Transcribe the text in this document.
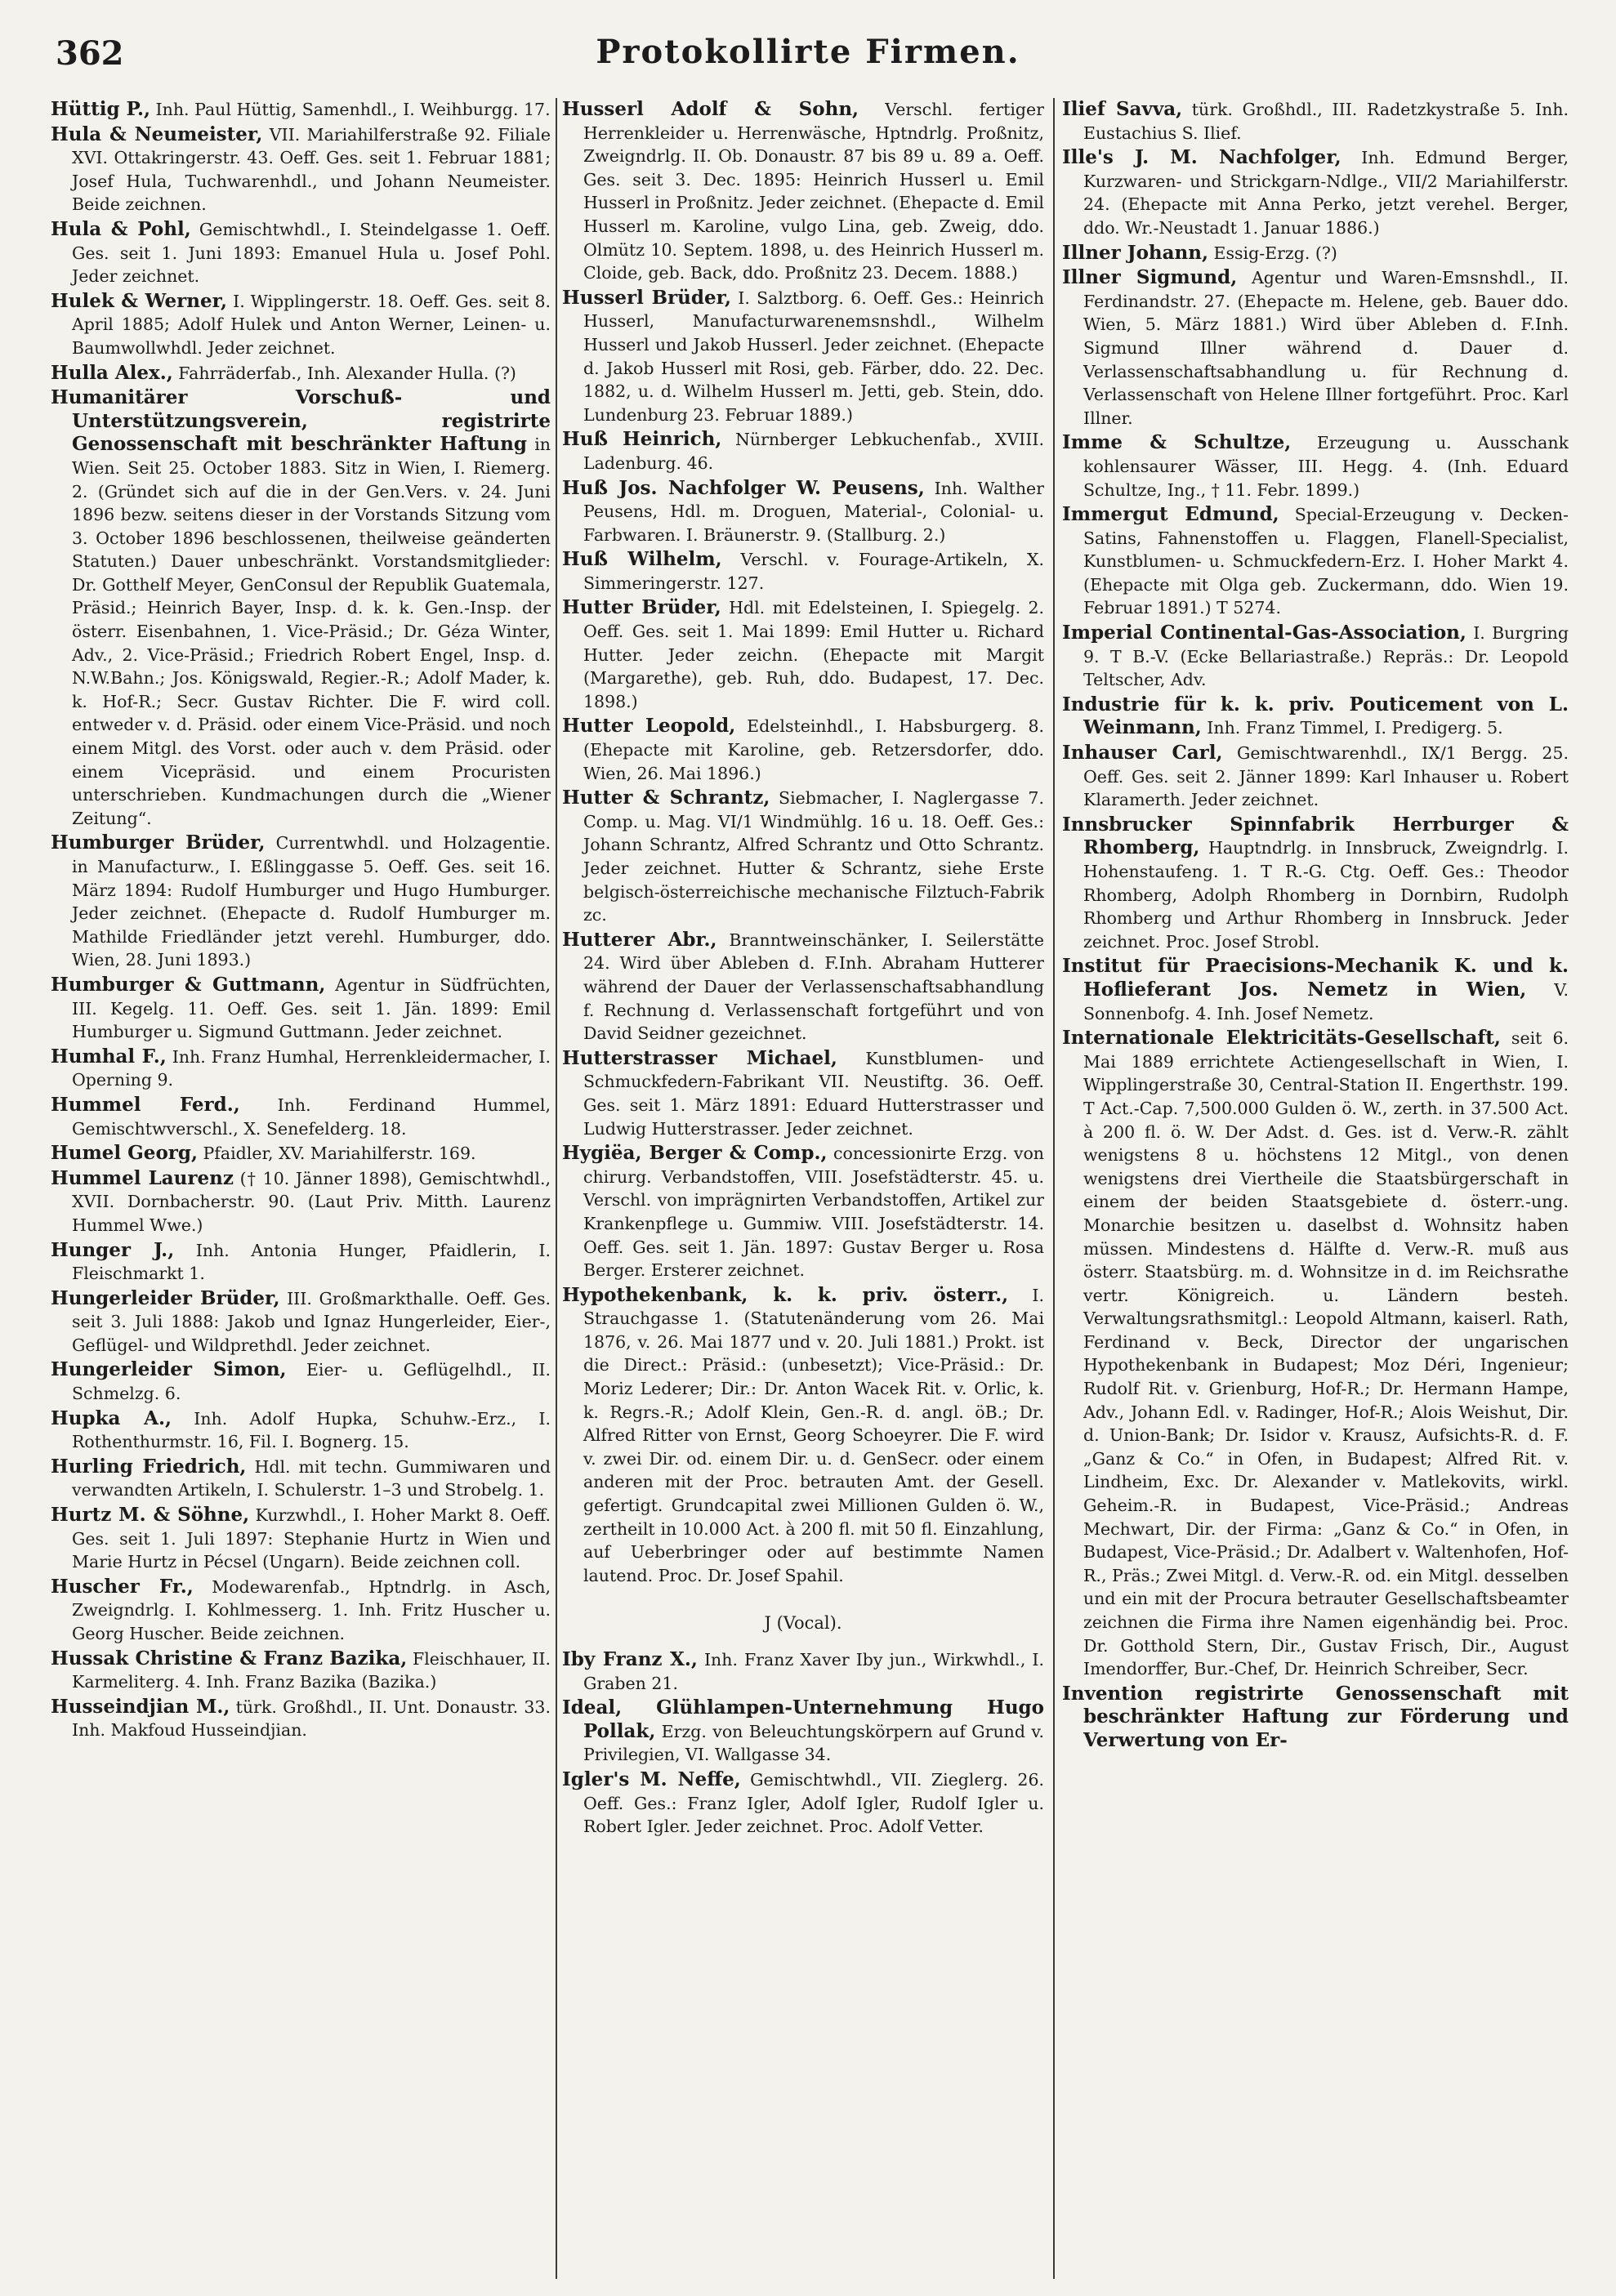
362	Protokollirte Firmen.
Hüttig P., Inh. Paul Hüttig, Samenhdl., I. Weihburgg. 17.
Hula & Neumeister, VII. Mariahilferstraße 92. Filiale XVI. Ottakringerstr. 43. Oeff. Ges. seit 1. Februar 1881; Josef Hula, Tuchwarenhdl., und Johann Neumeister. Beide zeichnen.
Hula & Pohl, Gemischtwhdl., I. Steindelgasse 1. Oeff. Ges. seit 1. Juni 1893: Emanuel Hula u. Josef Pohl. Jeder zeichnet.
Hulek & Werner, I. Wipplingerstr. 18. Oeff. Ges. seit 8. April 1885; Adolf Hulek und Anton Werner, Leinen- u. Baumwollwhdl. Jeder zeichnet.
Hulla Alex., Fahrräderfab., Inh. Alexander Hulla. (?)
Humanitärer Vorschuß- und Unterstützungsverein, registrirte Genossenschaft mit beschränkter Haftung in Wien. Seit 25. October 1883. Sitz in Wien, I. Riemerg. 2. (Gründet sich auf die in der Gen.Vers. v. 24. Juni 1896 bezw. seitens dieser in der Vorstands Sitzung vom 3. October 1896 beschlossenen, theilweise geänderten Statuten.) Dauer unbeschränkt. Vorstandsmitglieder: Dr. Gotthelf Meyer, GenConsul der Republik Guatemala, Präsid.; Heinrich Bayer, Insp. d. k. k. Gen.-Insp. der österr. Eisenbahnen, 1. Vice-Präsid.; Dr. Géza Winter, Adv., 2. Vice-Präsid.; Friedrich Robert Engel, Insp. d. N.W.Bahn.; Jos. Königswald, Regier.-R.; Adolf Mader, k. k. Hof-R.; Secr. Gustav Richter. Die F. wird coll. entweder v. d. Präsid. oder einem Vice-Präsid. und noch einem Mitgl. des Vorst. oder auch v. dem Präsid. oder einem Vicepräsid. und einem Procuristen unterschrieben. Kundmachungen durch die „Wiener Zeitung“.
Humburger Brüder, Currentwhdl. und Holzagentie. in Manufacturw., I. Eßlinggasse 5. Oeff. Ges. seit 16. März 1894: Rudolf Humburger und Hugo Humburger. Jeder zeichnet. (Ehepacte d. Rudolf Humburger m. Mathilde Friedländer jetzt verehl. Humburger, ddo. Wien, 28. Juni 1893.)
Humburger & Guttmann, Agentur in Südfrüchten, III. Kegelg. 11. Oeff. Ges. seit 1. Jän. 1899: Emil Humburger u. Sigmund Guttmann. Jeder zeichnet.
Humhal F., Inh. Franz Humhal, Herrenkleidermacher, I. Operning 9.
Hummel Ferd., Inh. Ferdinand Hummel, Gemischtwverschl., X. Senefelderg. 18.
Humel Georg, Pfaidler, XV. Mariahilferstr. 169.
Hummel Laurenz († 10. Jänner 1898), Gemischtwhdl., XVII. Dornbacherstr. 90. (Laut Priv. Mitth. Laurenz Hummel Wwe.)
Hunger J., Inh. Antonia Hunger, Pfaidlerin, I. Fleischmarkt 1.
Hungerleider Brüder, III. Großmarkthalle. Oeff. Ges. seit 3. Juli 1888: Jakob und Ignaz Hungerleider, Eier-, Geflügel- und Wildprethdl. Jeder zeichnet.
Hungerleider Simon, Eier- u. Geflügelhdl., II. Schmelzg. 6.
Hupka A., Inh. Adolf Hupka, Schuhw.-Erz., I. Rothenthurmstr. 16, Fil. I. Bognerg. 15.
Hurling Friedrich, Hdl. mit techn. Gummiwaren und verwandten Artikeln, I. Schulerstr. 1–3 und Strobelg. 1.
Hurtz M. & Söhne, Kurzwhdl., I. Hoher Markt 8. Oeff. Ges. seit 1. Juli 1897: Stephanie Hurtz in Wien und Marie Hurtz in Pécsel (Ungarn). Beide zeichnen coll.
Huscher Fr., Modewarenfab., Hptndrlg. in Asch, Zweigndrlg. I. Kohlmesserg. 1. Inh. Fritz Huscher u. Georg Huscher. Beide zeichnen.
Hussak Christine & Franz Bazika, Fleischhauer, II. Karmeliterg. 4. Inh. Franz Bazika (Bazika.)
Husseindjian M., türk. Großhdl., II. Unt. Donaustr. 33. Inh. Makfoud Husseindjian.
Husserl Adolf & Sohn, Verschl. fertiger Herrenkleider u. Herrenwäsche, Hptndrlg. Proßnitz, Zweigndrlg. II. Ob. Donaustr. 87 bis 89 u. 89 a. Oeff. Ges. seit 3. Dec. 1895: Heinrich Husserl u. Emil Husserl in Proßnitz. Jeder zeichnet. (Ehepacte d. Emil Husserl m. Karoline, vulgo Lina, geb. Zweig, ddo. Olmütz 10. Septem. 1898, u. des Heinrich Husserl m. Cloide, geb. Back, ddo. Proßnitz 23. Decem. 1888.)
Husserl Brüder, I. Salztborg. 6. Oeff. Ges.: Heinrich Husserl, Manufacturwarenemsnshdl., Wilhelm Husserl und Jakob Husserl. Jeder zeichnet. (Ehepacte d. Jakob Husserl mit Rosi, geb. Färber, ddo. 22. Dec. 1882, u. d. Wilhelm Husserl m. Jetti, geb. Stein, ddo. Lundenburg 23. Februar 1889.)
Huß Heinrich, Nürnberger Lebkuchenfab., XVIII. Ladenburg. 46.
Huß Jos. Nachfolger W. Peusens, Inh. Walther Peusens, Hdl. m. Droguen, Material-, Colonial- u. Farbwaren. I. Bräunerstr. 9. (Stallburg. 2.)
Huß Wilhelm, Verschl. v. Fourage-Artikeln, X. Simmeringerstr. 127.
Hutter Brüder, Hdl. mit Edelsteinen, I. Spiegelg. 2. Oeff. Ges. seit 1. Mai 1899: Emil Hutter u. Richard Hutter. Jeder zeichn. (Ehepacte mit Margit (Margarethe), geb. Ruh, ddo. Budapest, 17. Dec. 1898.)
Hutter Leopold, Edelsteinhdl., I. Habsburgerg. 8. (Ehepacte mit Karoline, geb. Retzersdorfer, ddo. Wien, 26. Mai 1896.)
Hutter & Schrantz, Siebmacher, I. Naglergasse 7. Comp. u. Mag. VI/1 Windmühlg. 16 u. 18. Oeff. Ges.: Johann Schrantz, Alfred Schrantz und Otto Schrantz. Jeder zeichnet. Hutter & Schrantz, siehe Erste belgisch-österreichische mechanische Filztuch-Fabrik zc.
Hutterer Abr., Branntweinschänker, I. Seilerstätte 24. Wird über Ableben d. F.Inh. Abraham Hutterer während der Dauer der Verlassenschaftsabhandlung f. Rechnung d. Verlassenschaft fortgeführt und von David Seidner gezeichnet.
Hutterstrasser Michael, Kunstblumen- und Schmuckfedern-Fabrikant VII. Neustiftg. 36. Oeff. Ges. seit 1. März 1891: Eduard Hutterstrasser und Ludwig Hutterstrasser. Jeder zeichnet.
Hygiëa, Berger & Comp., concessionirte Erzg. von chirurg. Verbandstoffen, VIII. Josefstädterstr. 45. u. Verschl. von imprägnirten Verbandstoffen, Artikel zur Krankenpflege u. Gummiw. VIII. Josefstädterstr. 14. Oeff. Ges. seit 1. Jän. 1897: Gustav Berger u. Rosa Berger. Ersterer zeichnet.
Hypothekenbank, k. k. priv. österr., I. Strauchgasse 1. (Statutenänderung vom 26. Mai 1876, v. 26. Mai 1877 und v. 20. Juli 1881.) Prokt. ist die Direct.: Präsid.: (unbesetzt); Vice-Präsid.: Dr. Moriz Lederer; Dir.: Dr. Anton Wacek Rit. v. Orlic, k. k. Regrs.-R.; Adolf Klein, Gen.-R. d. angl. öB.; Dr. Alfred Ritter von Ernst, Georg Schoeyrer. Die F. wird v. zwei Dir. od. einem Dir. u. d. GenSecr. oder einem anderen mit der Proc. betrauten Amt. der Gesell. gefertigt. Grundcapital zwei Millionen Gulden ö. W., zertheilt in 10.000 Act. à 200 fl. mit 50 fl. Einzahlung, auf Ueberbringer oder auf bestimmte Namen lautend. Proc. Dr. Josef Spahil.
J (Vocal).
Iby Franz X., Inh. Franz Xaver Iby jun., Wirkwhdl., I. Graben 21.
Ideal, Glühlampen-Unternehmung Hugo Pollak, Erzg. von Beleuchtungskörpern auf Grund v. Privilegien, VI. Wallgasse 34.
Igler's M. Neffe, Gemischtwhdl., VII. Zieglerg. 26. Oeff. Ges.: Franz Igler, Adolf Igler, Rudolf Igler u. Robert Igler. Jeder zeichnet. Proc. Adolf Vetter.
Ilief Savva, türk. Großhdl., III. Radetzkystraße 5. Inh. Eustachius S. Ilief.
Ille's J. M. Nachfolger, Inh. Edmund Berger, Kurzwaren- und Strickgarn-Ndlge., VII/2 Mariahilferstr. 24. (Ehepacte mit Anna Perko, jetzt verehel. Berger, ddo. Wr.-Neustadt 1. Januar 1886.)
Illner Johann, Essig-Erzg. (?)
Illner Sigmund, Agentur und Waren-Emsnshdl., II. Ferdinandstr. 27. (Ehepacte m. Helene, geb. Bauer ddo. Wien, 5. März 1881.) Wird über Ableben d. F.Inh. Sigmund Illner während d. Dauer d. Verlassenschaftsabhandlung u. für Rechnung d. Verlassenschaft von Helene Illner fortgeführt. Proc. Karl Illner.
Imme & Schultze, Erzeugung u. Ausschank kohlensaurer Wässer, III. Hegg. 4. (Inh. Eduard Schultze, Ing., † 11. Febr. 1899.)
Immergut Edmund, Special-Erzeugung v. Decken-Satins, Fahnenstoffen u. Flaggen, Flanell-Specialist, Kunstblumen- u. Schmuckfedern-Erz. I. Hoher Markt 4. (Ehepacte mit Olga geb. Zuckermann, ddo. Wien 19. Februar 1891.) T 5274.
Imperial Continental-Gas-Association, I. Burgring 9. T B.-V. (Ecke Bellariastraße.) Repräs.: Dr. Leopold Teltscher, Adv.
Industrie für k. k. priv. Pouticement von L. Weinmann, Inh. Franz Timmel, I. Predigerg. 5.
Inhauser Carl, Gemischtwarenhdl., IX/1 Bergg. 25. Oeff. Ges. seit 2. Jänner 1899: Karl Inhauser u. Robert Klaramerth. Jeder zeichnet.
Innsbrucker Spinnfabrik Herrburger & Rhomberg, Hauptndrlg. in Innsbruck, Zweigndrlg. I. Hohenstaufeng. 1. T R.-G. Ctg. Oeff. Ges.: Theodor Rhomberg, Adolph Rhomberg in Dornbirn, Rudolph Rhomberg und Arthur Rhomberg in Innsbruck. Jeder zeichnet. Proc. Josef Strobl.
Institut für Praecisions-Mechanik K. und k. Hoflieferant Jos. Nemetz in Wien, V. Sonnenbofg. 4. Inh. Josef Nemetz.
Internationale Elektricitäts-Gesellschaft, seit 6. Mai 1889 errichtete Actiengesellschaft in Wien, I. Wipplingerstraße 30, Central-Station II. Engerthstr. 199. T Act.-Cap. 7,500.000 Gulden ö. W., zerth. in 37.500 Act. à 200 fl. ö. W. Der Adst. d. Ges. ist d. Verw.-R. zählt wenigstens 8 u. höchstens 12 Mitgl., von denen wenigstens drei Viertheile die Staatsbürgerschaft in einem der beiden Staatsgebiete d. österr.-ung. Monarchie besitzen u. daselbst d. Wohnsitz haben müssen. Mindestens d. Hälfte d. Verw.-R. muß aus österr. Staatsbürg. m. d. Wohnsitze in d. im Reichsrathe vertr. Königreich. u. Ländern besteh. Verwaltungsrathsmitgl.: Leopold Altmann, kaiserl. Rath, Ferdinand v. Beck, Director der ungarischen Hypothekenbank in Budapest; Moz Déri, Ingenieur; Rudolf Rit. v. Grienburg, Hof-R.; Dr. Hermann Hampe, Adv., Johann Edl. v. Radinger, Hof-R.; Alois Weishut, Dir. d. Union-Bank; Dr. Isidor v. Krausz, Aufsichts-R. d. F. „Ganz & Co.“ in Ofen, in Budapest; Alfred Rit. v. Lindheim, Exc. Dr. Alexander v. Matlekovits, wirkl. Geheim.-R. in Budapest, Vice-Präsid.; Andreas Mechwart, Dir. der Firma: „Ganz & Co.“ in Ofen, in Budapest, Vice-Präsid.; Dr. Adalbert v. Waltenhofen, Hof-R., Präs.; Zwei Mitgl. d. Verw.-R. od. ein Mitgl. desselben und ein mit der Procura betrauter Gesellschaftsbeamter zeichnen die Firma ihre Namen eigenhändig bei. Proc. Dr. Gotthold Stern, Dir., Gustav Frisch, Dir., August Imendorffer, Bur.-Chef, Dr. Heinrich Schreiber, Secr.
Invention registrirte Genossenschaft mit beschränkter Haftung zur Förderung und Verwertung von Er-
